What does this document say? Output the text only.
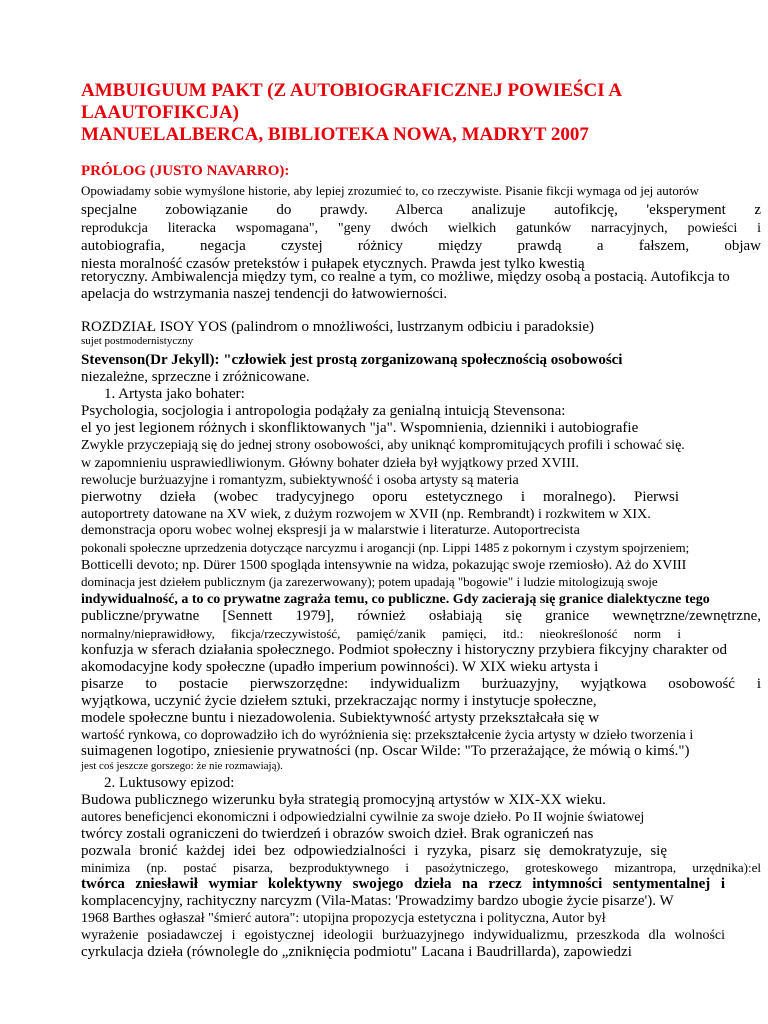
AMBUIGUUM PAKT (Z AUTOBIOGRAFICZNEJ POWIEŚCI A
LAAUTOFIKCJA)
MANUELALBERCA, BIBLIOTEKA NOWA, MADRYT 2007
PRÓLOG (JUSTO NAVARRO):
Opowiadamy sobie wymyślone historie, aby lepiej zrozumieć to, co rzeczywiste. Pisanie fikcji wymaga od jej autorów
specjalne zobowiązanie do prawdy. Alberca analizuje autofikcję, 'eksperyment z
reprodukcja literacka wspomagana", "geny dwóch wielkich gatunków narracyjnych, powieści i
autobiografia, negacja czystej różnicy między prawdą a fałszem, objaw
niesta moralność czasów pretekstów i pułapek etycznych. Prawda jest tylko kwestią
retoryczny. Ambiwalencja między tym, co realne a tym, co możliwe, między osobą a postacią. Autofikcja to
apelacja do wstrzymania naszej tendencji do łatwowierności.
ROZDZIAŁ ISOY YOS (palindrom o mnożliwości, lustrzanym odbiciu i paradoksie)
sujet postmodernistyczny
Stevenson(Dr Jekyll): "człowiek jest prostą zorganizowaną społecznością osobowości
niezależne, sprzeczne i zróżnicowane.
1. Artysta jako bohater:
Psychologia, socjologia i antropologia podążały za genialną intuicją Stevensona:
el yo jest legionem różnych i skonfliktowanych "ja". Wspomnienia, dzienniki i autobiografie
Zwykle przyczepiają się do jednej strony osobowości, aby uniknąć kompromitujących profili i schować się.
w zapomnieniu usprawiedliwionym. Główny bohater dzieła był wyjątkowy przed XVIII.
rewolucje burżuazyjne i romantyzm, subiektywność i osoba artysty są materia
pierwotny dzieła (wobec tradycyjnego oporu estetycznego i moralnego). Pierwsi
autoportrety datowane na XV wiek, z dużym rozwojem w XVII (np. Rembrandt) i rozkwitem w XIX.
demonstracja oporu wobec wolnej ekspresji ja w malarstwie i literaturze. Autoportrecista
pokonali społeczne uprzedzenia dotyczące narcyzmu i arogancji (np. Lippi 1485 z pokornym i czystym spojrzeniem;
Botticelli devoto; np. Dürer 1500 spoglądа intensywnie na widza, pokazując swoje rzemiosło). Aż do XVIII
dominacja jest dziełem publicznym (ja zarezerwowany); potem upadają "bogowie" i ludzie mitologizują swoje
indywidualność, a to co prywatne zagraża temu, co publiczne. Gdy zacierają się granice dialektyczne tego
publiczne/prywatne [Sennett 1979], również osłabiają się granice wewnętrzne/zewnętrzne,
normalny/nieprawidłowy, fikcja/rzeczywistość, pamięć/zanik pamięci, itd.: nieokreśloność norm i
konfuzja w sferach działania społecznego. Podmiot społeczny i historyczny przybiera fikcyjny charakter od
akomodacyjne kody społeczne (upadło imperium powinności). W XIX wieku artysta i
pisarze to postacie pierwszorzędne: indywidualizm burżuazyjny, wyjątkowa osobowość i
wyjątkowa, uczynić życie dziełem sztuki, przekraczając normy i instytucje społeczne,
modele społeczne buntu i niezadowolenia. Subiektywność artysty przekształcała się w
wartość rynkowa, co doprowadziło ich do wyróżnienia się: przekształcenie życia artysty w dzieło tworzenia i
suimagenen logotipo, zniesienie prywatności (np. Oscar Wilde: "To przerażające, że mówią o kimś.")
jest coś jeszcze gorszego: że nie rozmawiają).
2. Luktusowy epizod:
Budowa publicznego wizerunku była strategią promocyjną artystów w XIX-XX wieku.
autores beneficjenci ekonomiczni i odpowiedzialni cywilnie za swoje dzieło. Po II wojnie światowej
twórcy zostali ograniczeni do twierdzeń i obrazów swoich dzieł. Brak ograniczeń nas
pozwala bronić każdej idei bez odpowiedzialności i ryzyka, pisarz się demokratyzuje, się
minimiza (np. postać pisarza, bezproduktywnego i pasożytniczego, groteskowego mizantropa, urzędnika):el
twórca zniesławił wymiar kolektywny swojego dzieła na rzecz intymności sentymentalnej i
komplacencyjny, rachityczny narcyzm (Vila-Matas: 'Prowadzimy bardzo ubogie życie pisarze'). W
1968 Barthes ogłaszał "śmierć autora": utopijna propozycja estetyczna i polityczna, Autor był
wyrażenie posiadawczej i egoistycznej ideologii burżuazyjnego indywidualizmu, przeszkoda dla wolności
cyrkulacja dzieła (równolegle do „zniknięcia podmiotu" Lacana i Baudrillarda), zapowiedzi
